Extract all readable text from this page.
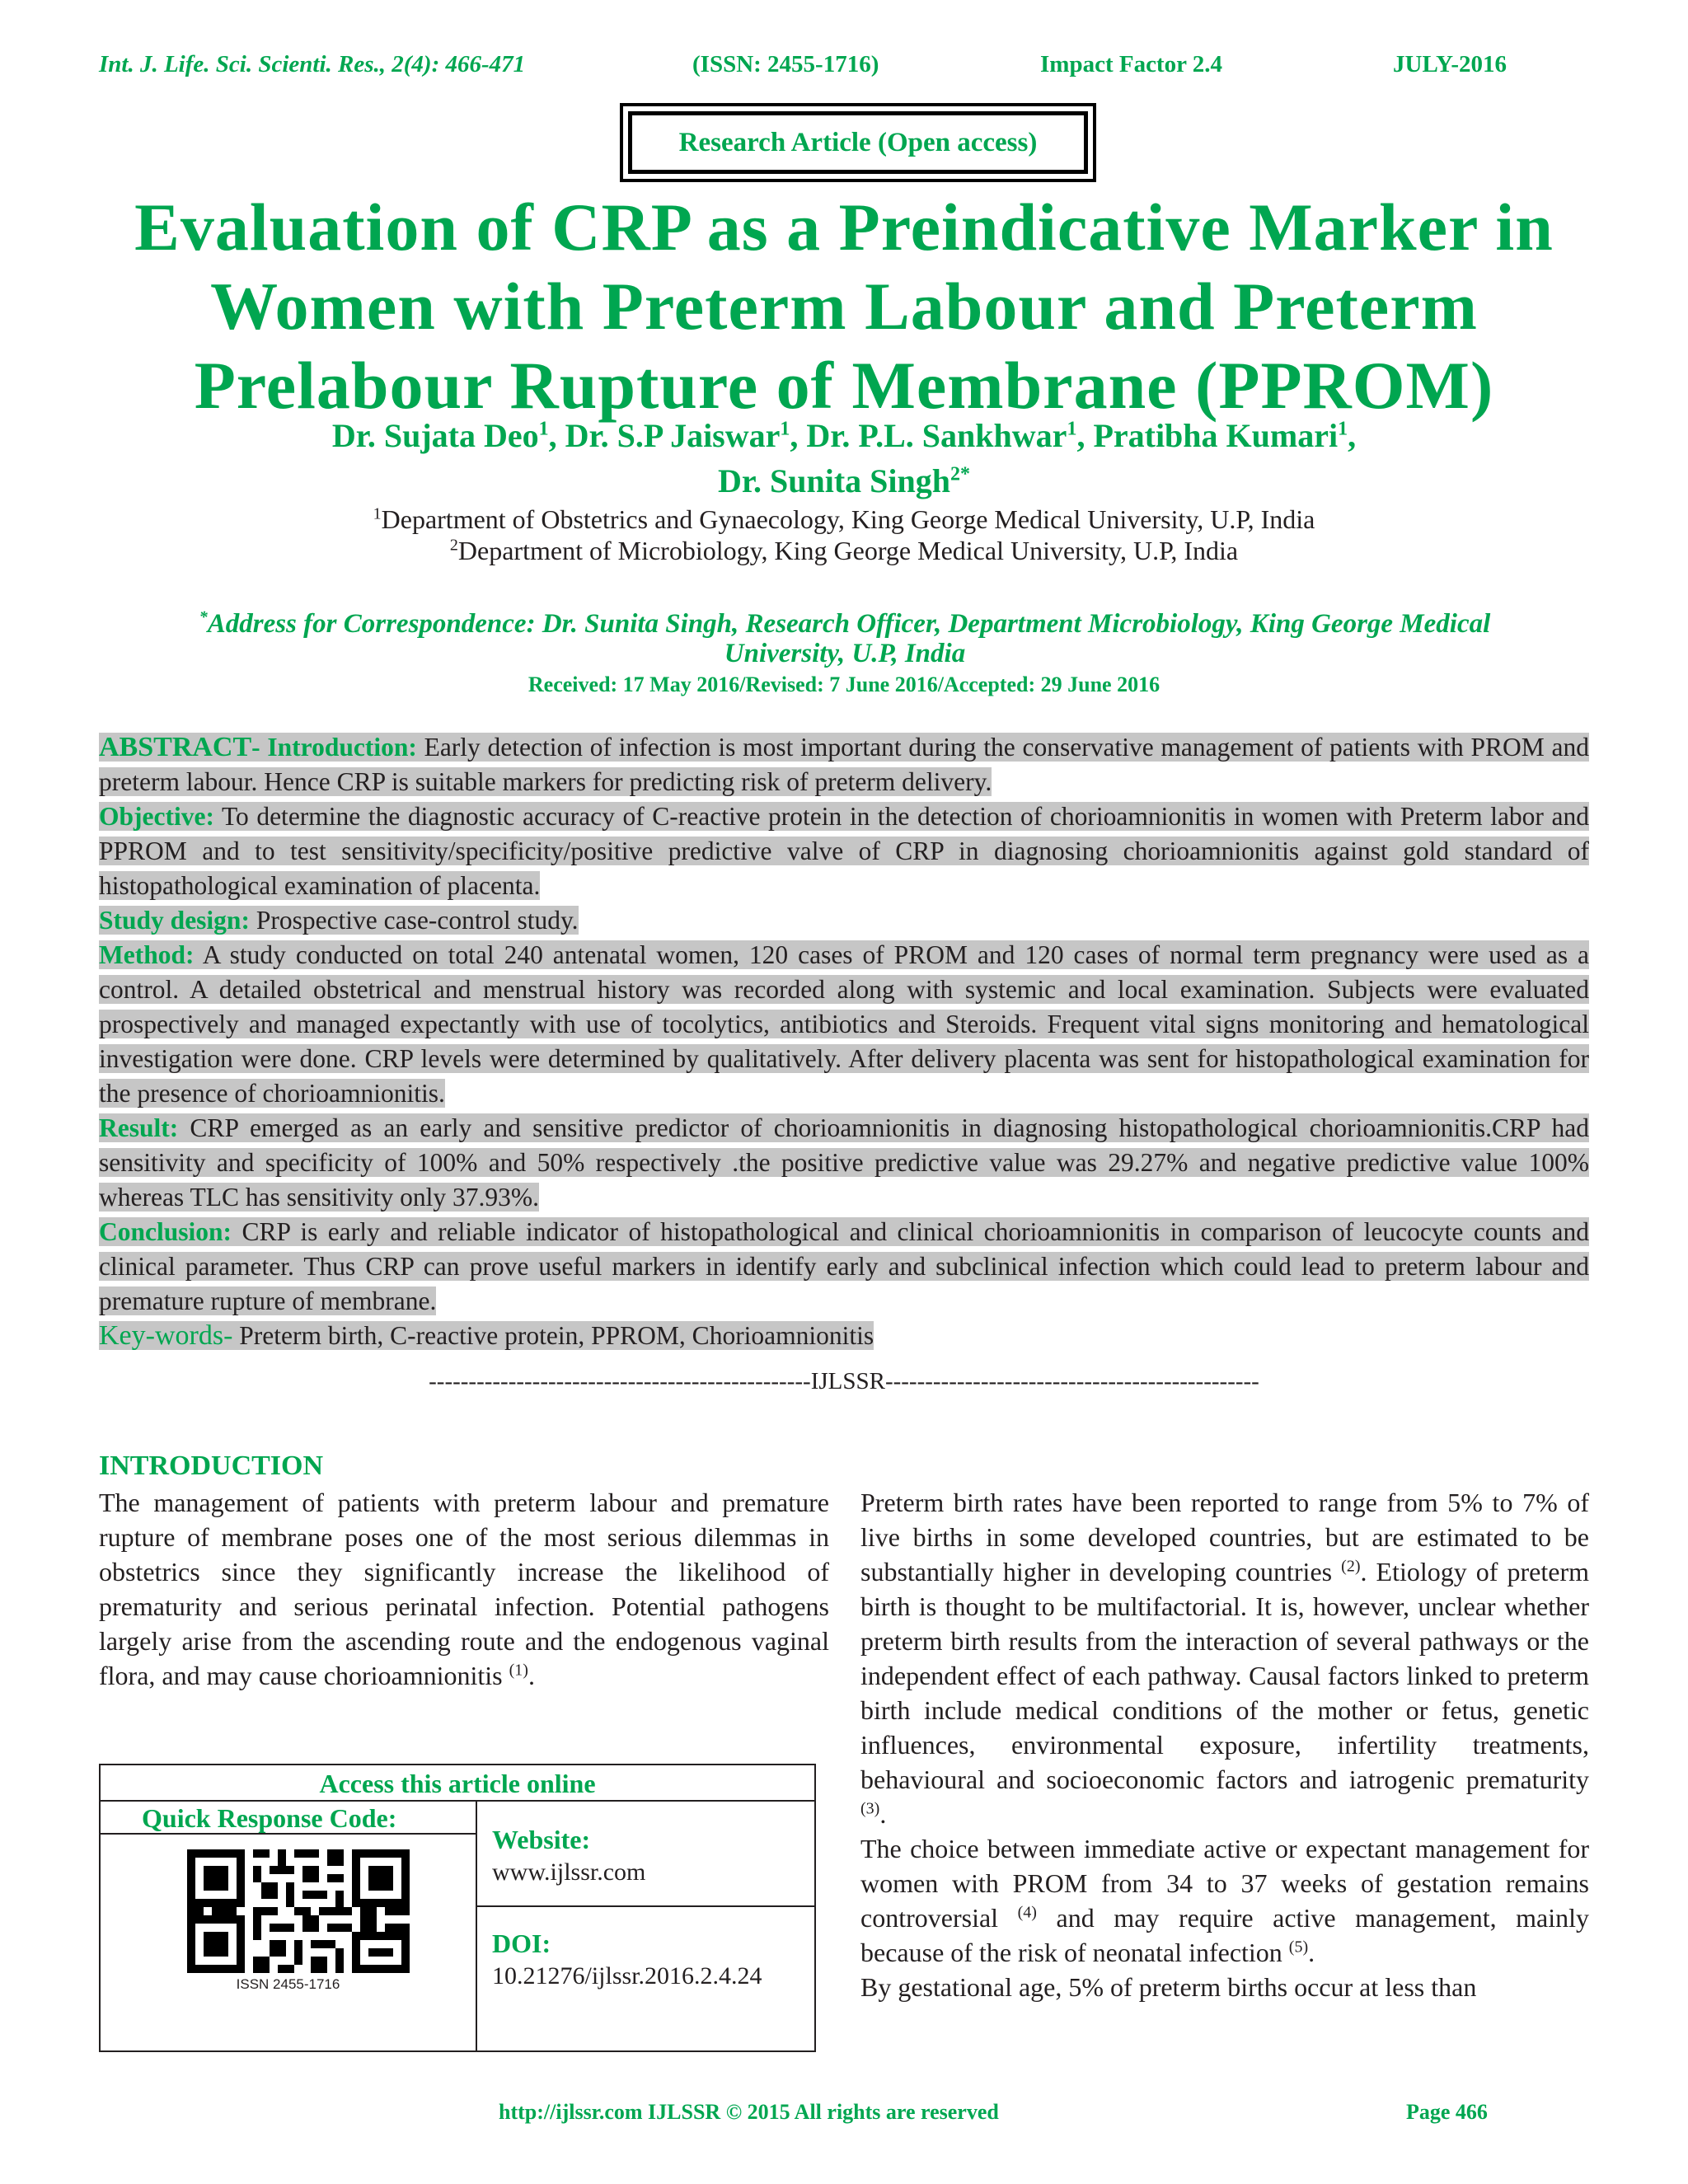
Int. J. Life. Sci. Scienti. Res., 2(4): 466-471	(ISSN: 2455-1716)	Impact Factor 2.4	JULY-2016
Research Article (Open access)
Evaluation of CRP as a Preindicative Marker in Women with Preterm Labour and Preterm Prelabour Rupture of Membrane (PPROM)
Dr. Sujata Deo$^1$, Dr. S.P Jaiswar$^1$, Dr. P.L. Sankhwar$^1$, Pratibha Kumari$^1$,
Dr. Sunita Singh$^{2*}$
$^1$Department of Obstetrics and Gynaecology, King George Medical University, U.P, India
$^2$Department of Microbiology, King George Medical University, U.P, India
*Address for Correspondence: Dr. Sunita Singh, Research Officer, Department Microbiology, King George Medical
University, U.P, India
Received: 17 May 2016/Revised: 7 June 2016/Accepted: 29 June 2016
ABSTRACT- Introduction: Early detection of infection is most important during the conservative management of patients with PROM and preterm labour. Hence CRP is suitable markers for predicting risk of preterm delivery.
Objective: To determine the diagnostic accuracy of C-reactive protein in the detection of chorioamnionitis in women with Preterm labor and PPROM and to test sensitivity/specificity/positive predictive valve of CRP in diagnosing chorioamnionitis against gold standard of histopathological examination of placenta.
Study design: Prospective case-control study.
Method: A study conducted on total 240 antenatal women, 120 cases of PROM and 120 cases of normal term pregnancy were used as a control. A detailed obstetrical and menstrual history was recorded along with systemic and local examination. Subjects were evaluated prospectively and managed expectantly with use of tocolytics, antibiotics and Steroids. Frequent vital signs monitoring and hematological investigation were done. CRP levels were determined by qualitatively. After delivery placenta was sent for histopathological examination for the presence of chorioamnionitis.
Result: CRP emerged as an early and sensitive predictor of chorioamnionitis in diagnosing histopathological chorioamnionitis.CRP had sensitivity and specificity of 100% and 50% respectively .the positive predictive value was 29.27% and negative predictive value 100% whereas TLC has sensitivity only 37.93%.
Conclusion: CRP is early and reliable indicator of histopathological and clinical chorioamnionitis in comparison of leucocyte counts and clinical parameter. Thus CRP can prove useful markers in identify early and subclinical infection which could lead to preterm labour and premature rupture of membrane.
Key-words- Preterm birth, C-reactive protein, PPROM, Chorioamnionitis
------------------------------------------------IJLSSR-----------------------------------------------
INTRODUCTION
The management of patients with preterm labour and premature rupture of membrane poses one of the most serious dilemmas in obstetrics since they significantly increase the likelihood of prematurity and serious perinatal infection. Potential pathogens largely arise from the ascending route and the endogenous vaginal flora, and may cause chorioamnionitis $^{(1)}$.
Access this article online
Quick Response Code:
ISSN 2455-1716
Website:
www.ijlssr.com
DOI:
10.21276/ijlssr.2016.2.4.24

Preterm birth rates have been reported to range from 5% to 7% of live births in some developed countries, but are estimated to be substantially higher in developing countries $^{(2)}$. Etiology of preterm birth is thought to be multifactorial. It is, however, unclear whether preterm birth results from the interaction of several pathways or the independent effect of each pathway. Causal factors linked to preterm birth include medical conditions of the mother or fetus, genetic influences, environmental exposure, infertility treatments, behavioural and socioeconomic factors and iatrogenic prematurity $^{(3)}$.

The choice between immediate active or expectant management for women with PROM from 34 to 37 weeks of gestation remains controversial $^{(4)}$ and may require active management, mainly because of the risk of neonatal infection $^{(5)}$.

By gestational age, 5% of preterm births occur at less than

http://ijlssr.com IJLSSR © 2015 All rights are reserved	Page 466
